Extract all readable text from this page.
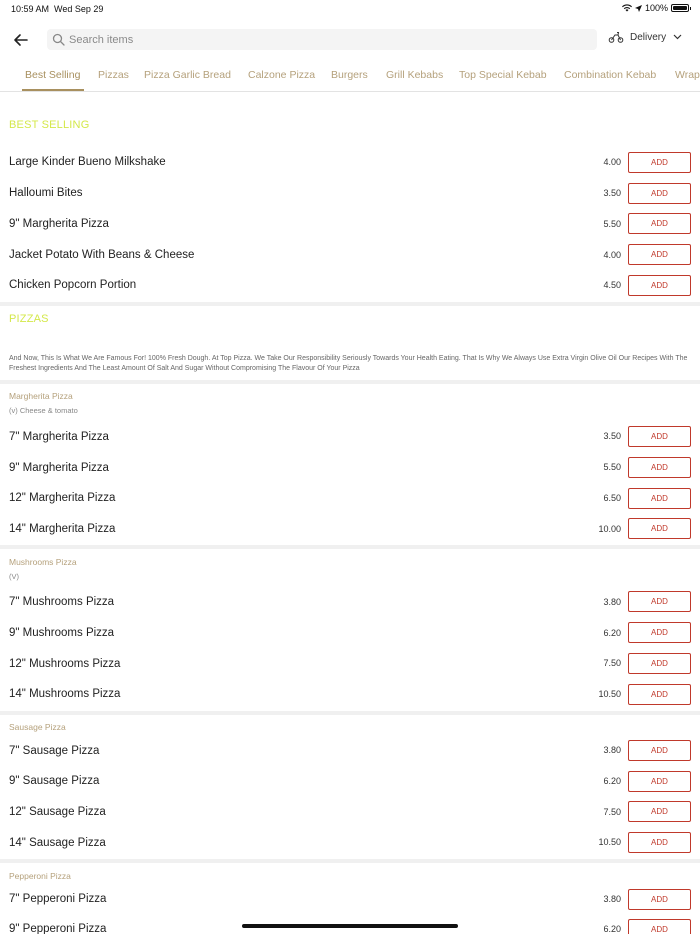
10:59 AM Wed Sep 29	100%
Search items
Delivery
Best Selling Pizzas Pizza Garlic Bread Calzone Pizza Burgers Grill Kebabs Top Special Kebab Combination Kebab Wrap
BEST SELLING
Large Kinder Bueno Milkshake	4.00	ADD
Halloumi Bites	3.50	ADD
9" Margherita Pizza	5.50	ADD
Jacket Potato With Beans & Cheese	4.00	ADD
Chicken Popcorn Portion	4.50	ADD
PIZZAS
And Now, This Is What We Are Famous For! 100% Fresh Dough. At Top Pizza. We Take Our Responsibility Seriously Towards Your Health Eating. That Is Why We Always Use Extra Virgin Olive Oil Our Recipes With The Freshest Ingredients And The Least Amount Of Salt And Sugar Without Compromising The Flavour Of Your Pizza
Margherita Pizza
(v) Cheese & tomato
7" Margherita Pizza	3.50	ADD
9" Margherita Pizza	5.50	ADD
12" Margherita Pizza	6.50	ADD
14" Margherita Pizza	10.00	ADD
Mushrooms Pizza
(V)
7" Mushrooms Pizza	3.80	ADD
9" Mushrooms Pizza	6.20	ADD
12" Mushrooms Pizza	7.50	ADD
14" Mushrooms Pizza	10.50	ADD
Sausage Pizza
7" Sausage Pizza	3.80	ADD
9" Sausage Pizza	6.20	ADD
12" Sausage Pizza	7.50	ADD
14" Sausage Pizza	10.50	ADD
Pepperoni Pizza
7" Pepperoni Pizza	3.80	ADD
9" Pepperoni Pizza	6.20	ADD
